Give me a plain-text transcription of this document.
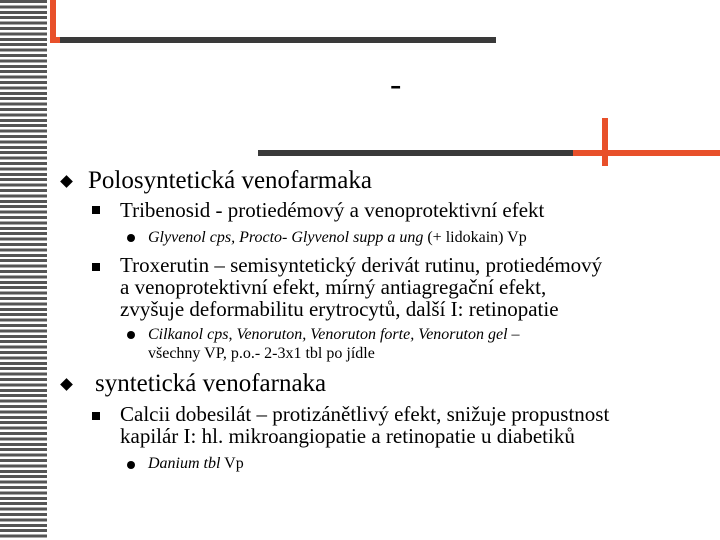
-
Polosyntetická venofarmaka
Tribenosid - protiedémový a venoprotektivní efekt
Glyvenol cps, Procto- Glyvenol supp a ung (+ lidokain) Vp
Troxerutin – semisyntetický derivát rutinu, protiedémový
a venoprotektivní efekt, mírný antiagregační efekt,
zvyšuje deformabilitu erytrocytů, další I: retinopatie
Cilkanol cps, Venoruton, Venoruton forte, Venoruton gel –
všechny VP, p.o.- 2-3x1 tbl po jídle
syntetická venofarnaka
Calcii dobesilát – protizánětlivý efekt, snižuje propustnost
kapilár I: hl. mikroangiopatie a retinopatie u diabetiků
Danium tbl Vp
